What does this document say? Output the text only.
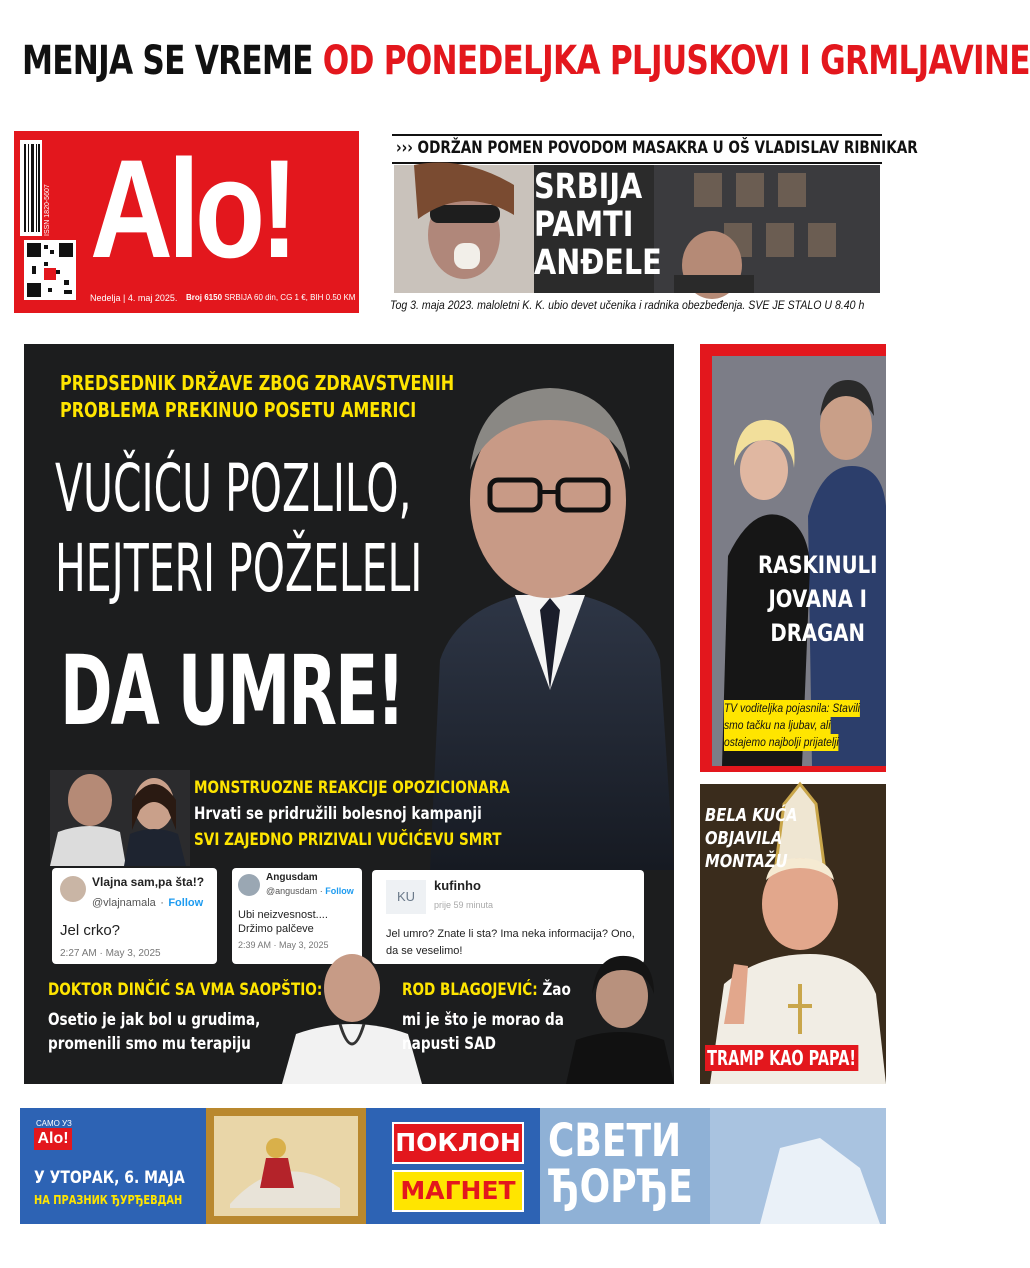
MENJA SE VREME OD PONEDELJKA PLJUSKOVI I GRMLJAVINE
ISSN 1820-5607 Alo!
Nedelja | 4. maj 2025. Broj 6150 SRBIJA 60 din, CG 1 €, BIH 0.50 KM
››› ODRŽAN POMEN POVODOM MASAKRA U OŠ VLADISLAV RIBNIKAR
SRBIJA
PAMTI
ANĐELE
Tog 3. maja 2023. maloletni K. K. ubio devet učenika i radnika obezbeđenja. SVE JE STALO U 8.40 h
PREDSEDNIK DRŽAVE ZBOG ZDRAVSTVENIH
PROBLEMA PREKINUO POSETU AMERICI
VUČIĆU POZLILO,
HEJTERI POŽELELI
DA UMRE!
MONSTRUOZNE REAKCIJE OPOZICIONARA
Hrvati se pridružili bolesnoj kampanji
SVI ZAJEDNO PRIZIVALI VUČIĆEVU SMRT
Vlajna sam,pa šta!?
@vlajnamala · Follow
Jel crko?
2:27 AM · May 3, 2025
Angusdam
@angusdam · Follow
Ubi neizvesnost.... Držimo palčeve
2:39 AM · May 3, 2025
KU
kufinho
prije 59 minuta
Jel umro? Znate li sta? Ima neka informacija? Ono, da se veselimo!
DOKTOR DINČIĆ SA VMA SAOPŠTIO:
Osetio je jak bol u grudima,
promenili smo mu terapiju
ROD BLAGOJEVIĆ: Žao
mi je što je morao da
napusti SAD
RASKINULI
JOVANA I
DRAGAN
TV voditeljka pojasnila: Stavili
smo tačku na ljubav, ali
ostajemo najbolji prijatelji
BELA KUĆA
OBJAVILA
MONTAŽU
TRAMP KAO PAPA!
САМО УЗ
Alo!
У УТОРАК, 6. МАЈА
НА ПРАЗНИК ЂУРЂЕВДАН
ПОКЛОН
МАГНЕТ
СВЕТИ
ЂОРЂЕ
